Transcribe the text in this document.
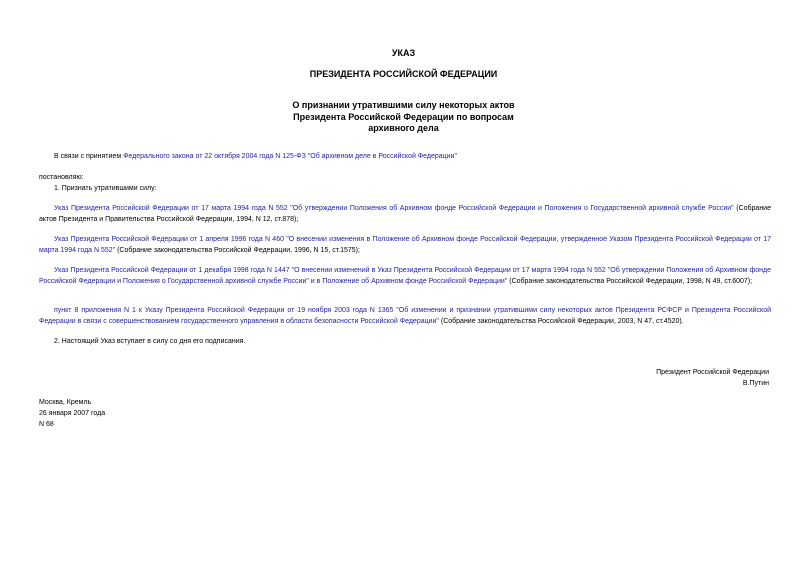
УКАЗ
ПРЕЗИДЕНТА РОССИЙСКОЙ ФЕДЕРАЦИИ
О признании утратившими силу некоторых актов
Президента Российской Федерации по вопросам
архивного дела
В связи с принятием Федерального закона от 22 октября 2004 года N 125-ФЗ "Об архивном деле в Российской Федерации"
постановляю:
1. Признать утратившими силу:
Указ Президента Российской Федерации от 17 марта 1994 года N 552 "Об утверждении Положения об Архивном фонде Российской Федерации и Положения о Государственной архивной службе России" (Собрание актов Президента и Правительства Российской Федерации, 1994, N 12, ст.878);
Указ Президента Российской Федерации от 1 апреля 1996 года N 460 "О внесении изменения в Положение об Архивном фонде Российской Федерации, утвержденное Указом Президента Российской Федерации от 17 марта 1994 года N 552" (Собрание законодательства Российской Федерации, 1996, N 15, ст.1575);
Указ Президента Российской Федерации от 1 декабря 1998 года N 1447 "О внесении изменений в Указ Президента Российской Федерации от 17 марта 1994 года N 552 "Об утверждении Положения об Архивном фонде Российской Федерации и Положения о Государственной архивной службе России" и в Положение об Архивном фонде Российской Федерации" (Собрание законодательства Российской Федерации, 1998, N 49, ст.6007);
пункт 8 приложения N 1 к Указу Президента Российской Федерации от 19 ноября 2003 года N 1365 "Об изменении и признании утратившими силу некоторых актов Президента РСФСР и Президента Российской Федерации в связи с совершенствованием государственного управления в области безопасности Российской Федерации" (Собрание законодательства Российской Федерации, 2003, N 47, ст.4520).
2. Настоящий Указ вступает в силу со дня его подписания.
Президент Российской Федерации
В.Путин
Москва, Кремль
26 января 2007 года
N 68
